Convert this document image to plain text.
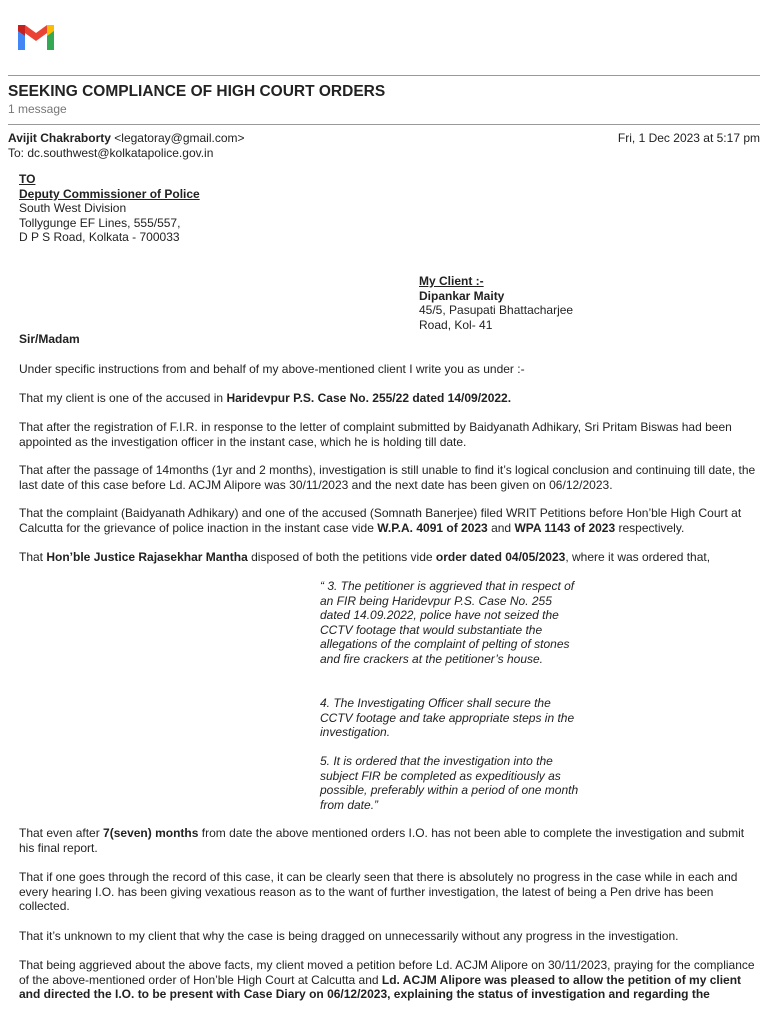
SEEKING COMPLIANCE OF HIGH COURT ORDERS
1 message
Avijit Chakraborty <legatoray@gmail.com>	Fri, 1 Dec 2023 at 5:17 pm
To: dc.southwest@kolkatapolice.gov.in
TO
Deputy Commissioner of Police
South West Division
Tollygunge EF Lines, 555/557,
D P S Road, Kolkata - 700033
My Client :-
Dipankar Maity
45/5, Pasupati Bhattacharjee
Road, Kol- 41
Sir/Madam
Under specific instructions from and behalf of my above-mentioned client I write you as under :-
That my client is one of the accused in Haridevpur P.S. Case No. 255/22 dated 14/09/2022.
That after the registration of F.I.R. in response to the letter of complaint submitted by Baidyanath Adhikary, Sri Pritam Biswas had been appointed as the investigation officer in the instant case, which he is holding till date.
That after the passage of 14months (1yr and 2 months), investigation is still unable to find it’s logical conclusion and continuing till date, the last date of this case before Ld. ACJM Alipore was 30/11/2023 and the next date has been given on 06/12/2023.
That the complaint (Baidyanath Adhikary) and one of the accused (Somnath Banerjee) filed WRIT Petitions before Hon’ble High Court at Calcutta for the grievance of police inaction in the instant case vide W.P.A. 4091 of 2023 and WPA 1143 of 2023 respectively.
That Hon’ble Justice Rajasekhar Mantha disposed of both the petitions vide order dated 04/05/2023, where it was ordered that,
“ 3. The petitioner is aggrieved that in respect of an FIR being Haridevpur P.S. Case No. 255 dated 14.09.2022, police have not seized the CCTV footage that would substantiate the allegations of the complaint of pelting of stones and fire crackers at the petitioner’s house.
4. The Investigating Officer shall secure the CCTV footage and take appropriate steps in the investigation.
5. It is ordered that the investigation into the subject FIR be completed as expeditiously as possible, preferably within a period of one month from date.”
That even after 7(seven) months from date the above mentioned orders I.O. has not been able to complete the investigation and submit his final report.
That if one goes through the record of this case, it can be clearly seen that there is absolutely no progress in the case while in each and every hearing I.O. has been giving vexatious reason as to the want of further investigation, the latest of being a Pen drive has been collected.
That it’s unknown to my client that why the case is being dragged on unnecessarily without any progress in the investigation.
That being aggrieved about the above facts, my client moved a petition before Ld. ACJM Alipore on 30/11/2023, praying for the compliance of the above-mentioned order of Hon’ble High Court at Calcutta and Ld. ACJM Alipore was pleased to allow the petition of my client and directed the I.O. to be present with Case Diary on 06/12/2023, explaining the status of investigation and regarding the
